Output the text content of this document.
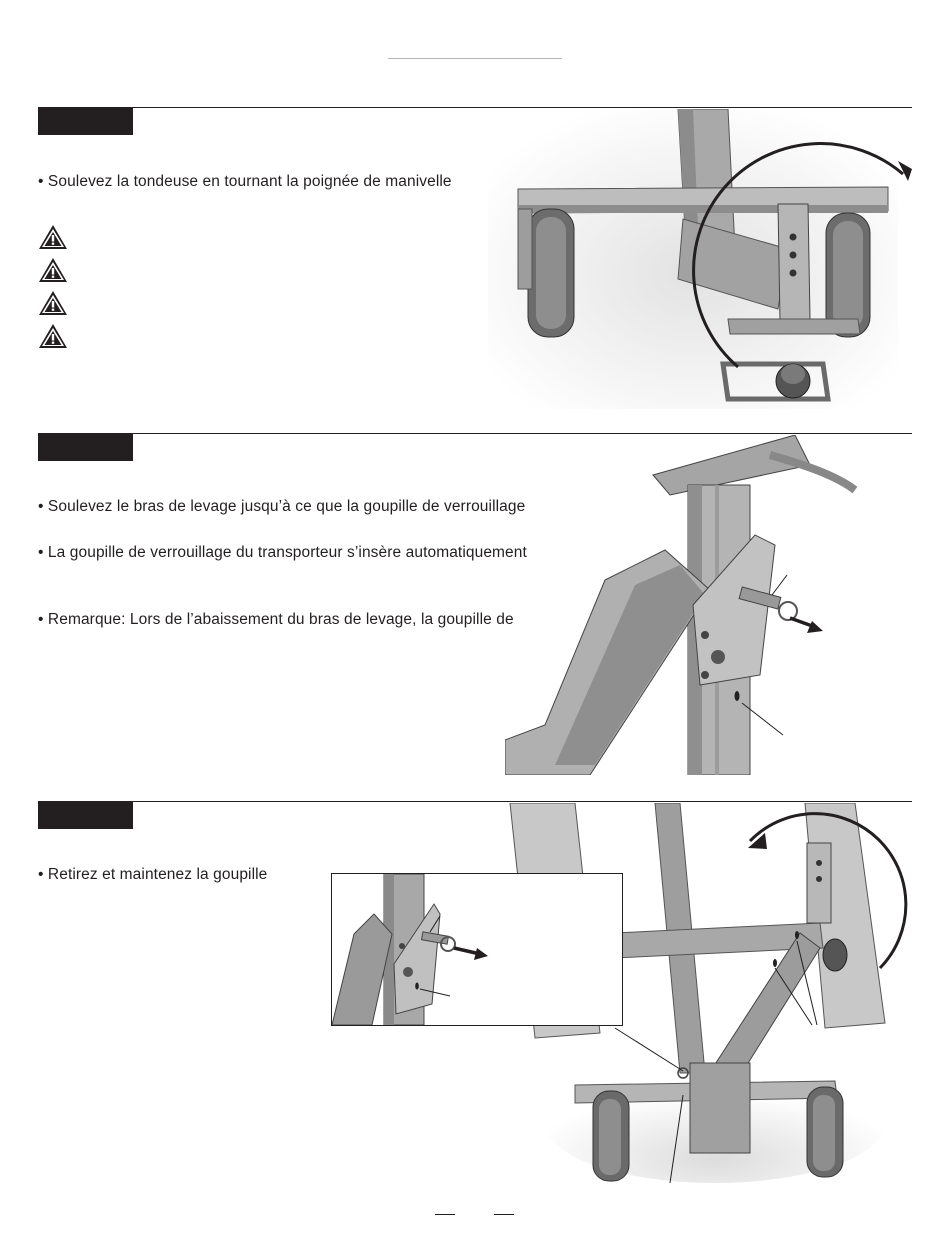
• Soulevez la tondeuse en tournant la poignée de manivelle
• Soulevez le bras de levage jusqu’à ce que la goupille de verrouillage
• La goupille de verrouillage du transporteur s’insère automatiquement
• Remarque: Lors de l’abaissement du bras de levage, la goupille de
• Retirez et maintenez la goupille
